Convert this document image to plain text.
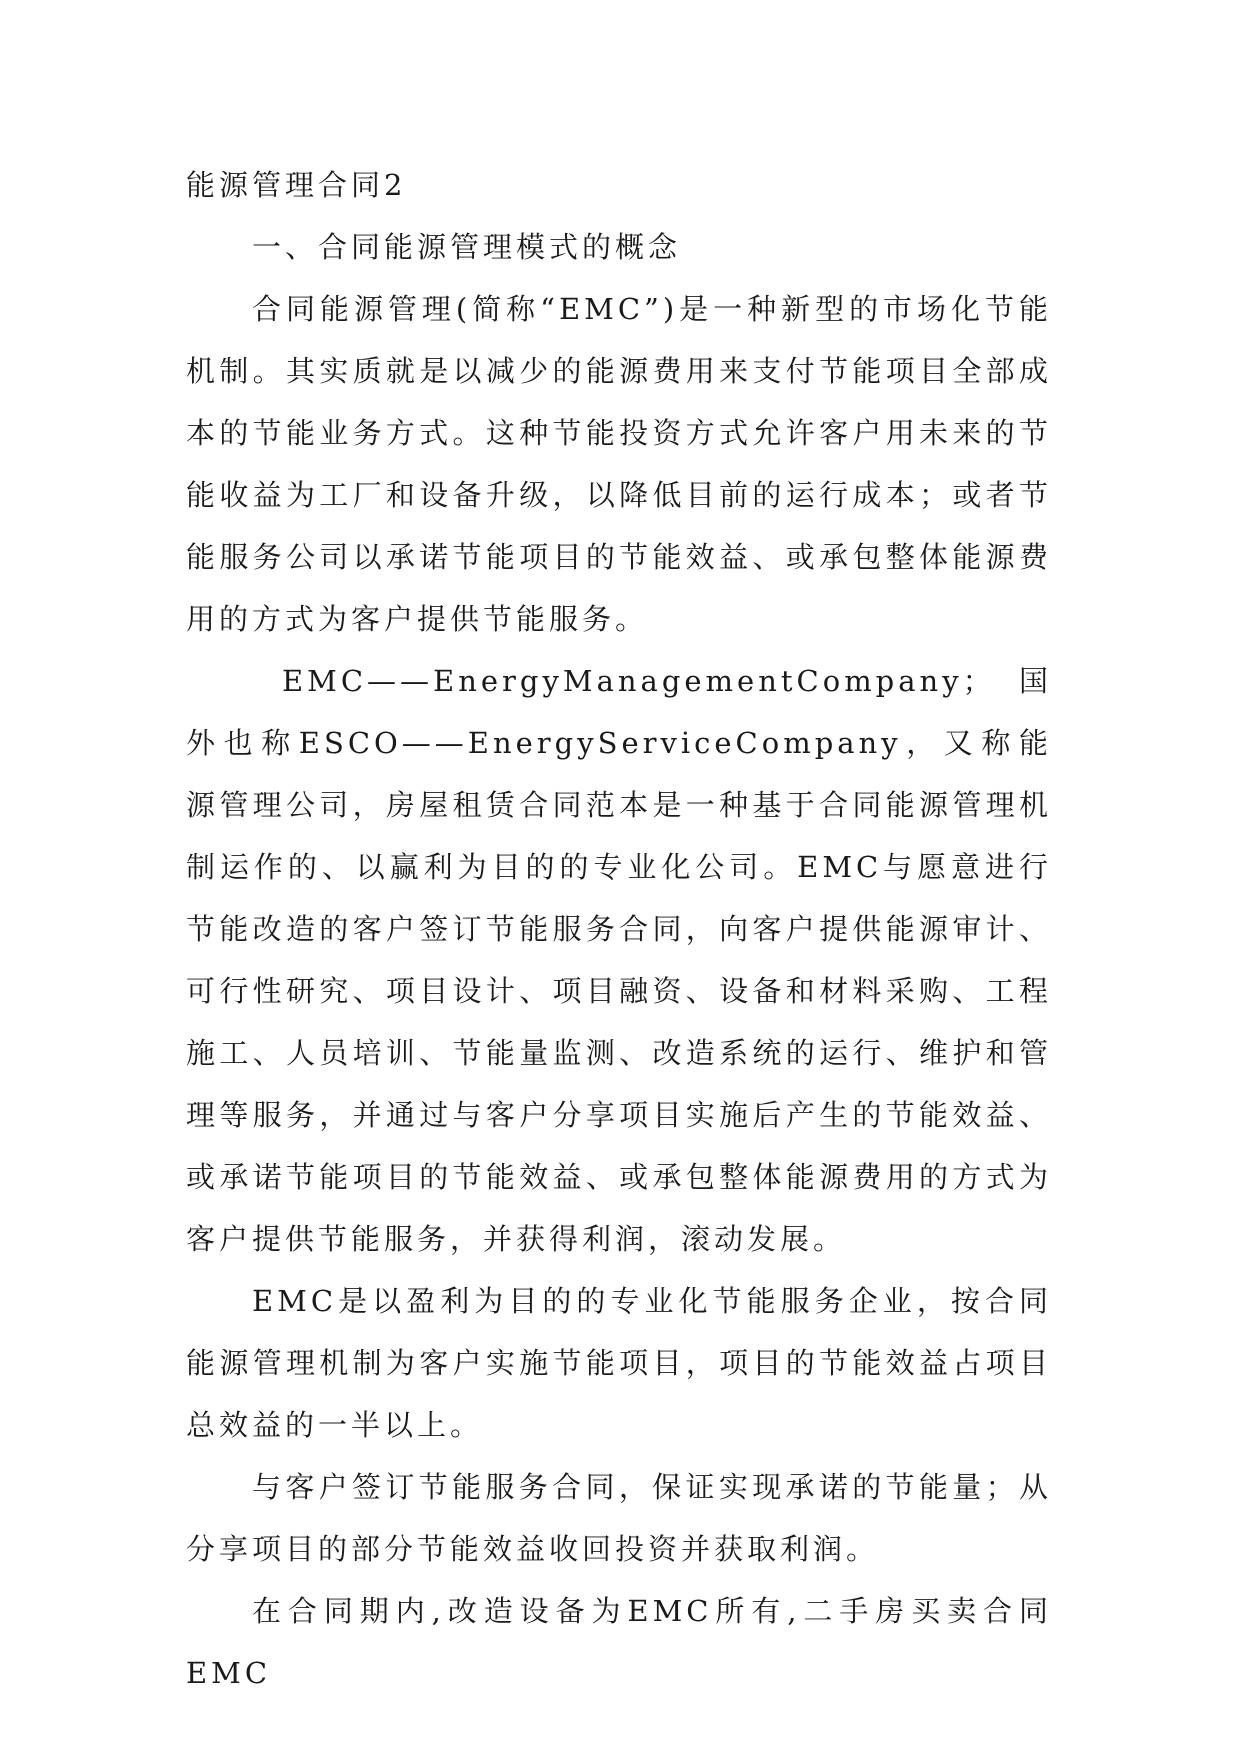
能源管理合同2

一、合同能源管理模式的概念

合同能源管理(简称“EMC”)是一种新型的市场化节能机制。其实质就是以减少的能源费用来支付节能项目全部成本的节能业务方式。这种节能投资方式允许客户用未来的节能收益为工厂和设备升级，以降低目前的运行成本；或者节能服务公司以承诺节能项目的节能效益、或承包整体能源费用的方式为客户提供节能服务。

EMC——EnergyManagementCompany；国外也称ESCO——EnergyServiceCompany，又称能源管理公司，房屋租赁合同范本是一种基于合同能源管理机制运作的、以赢利为目的的专业化公司。EMC与愿意进行节能改造的客户签订节能服务合同，向客户提供能源审计、可行性研究、项目设计、项目融资、设备和材料采购、工程施工、人员培训、节能量监测、改造系统的运行、维护和管理等服务，并通过与客户分享项目实施后产生的节能效益、或承诺节能项目的节能效益、或承包整体能源费用的方式为客户提供节能服务，并获得利润，滚动发展。

EMC是以盈利为目的的专业化节能服务企业，按合同能源管理机制为客户实施节能项目，项目的节能效益占项目总效益的一半以上。

与客户签订节能服务合同，保证实现承诺的节能量；从分享项目的部分节能效益收回投资并获取利润。

在合同期内,改造设备为EMC所有,二手房买卖合同EMC
